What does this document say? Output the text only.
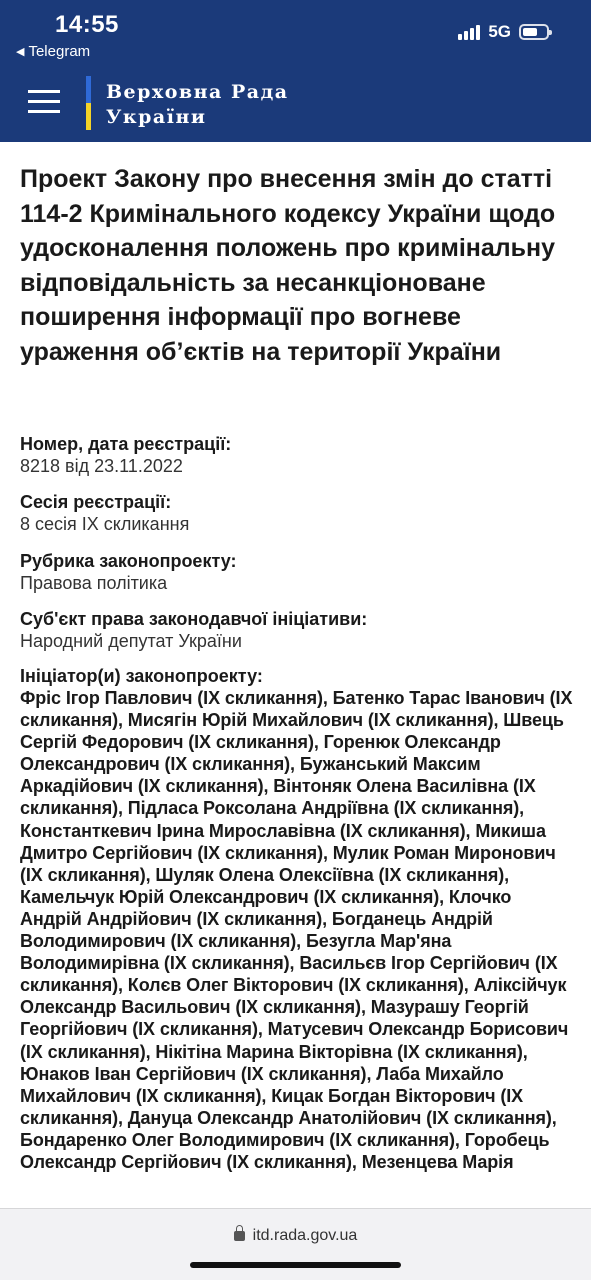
14:55
◀ Telegram
5G
Верховна Рада
України
Проект Закону про внесення змін до статті 114-2 Кримінального кодексу України щодо удосконалення положень про кримінальну відповідальність за несанкціоноване поширення інформації про вогневе ураження об’єктів на території України
Номер, дата реєстрації:
8218 від 23.11.2022
Сесія реєстрації:
8 сесія IX скликання
Рубрика законопроекту:
Правова політика
Суб'єкт права законодавчої ініціативи:
Народний депутат України
Ініціатор(и) законопроекту:
Фріс Ігор Павлович (IX скликання), Батенко Тарас Іванович (IX скликання), Мисягін Юрій Михайлович (IX скликання), Швець Сергій Федорович (IX скликання), Горенюк Олександр Олександрович (IX скликання), Бужанський Максим Аркадійович (IX скликання), Вінтоняк Олена Василівна (IX скликання), Підласа Роксолана Андріївна (IX скликання), Константкевич Ірина Мирославівна (IX скликання), Микиша Дмитро Сергійович (IX скликання), Мулик Роман Миронович (IX скликання), Шуляк Олена Олексіївна (IX скликання), Камельчук Юрій Олександрович (IX скликання), Клочко Андрій Андрійович (IX скликання), Богданець Андрій Володимирович (IX скликання), Безугла Мар'яна Володимирівна (IX скликання), Васильєв Ігор Сергійович (IX скликання), Колєв Олег Вікторович (IX скликання), Аліксійчук Олександр Васильович (IX скликання), Мазурашу Георгій Георгійович (IX скликання), Матусевич Олександр Борисович (IX скликання), Нікітіна Марина Вікторівна (IX скликання), Юнаков Іван Сергійович (IX скликання), Лаба Михайло Михайлович (IX скликання), Кицак Богдан Вікторович (IX скликання), Дануца Олександр Анатолійович (IX скликання), Бондаренко Олег Володимирович (IX скликання), Горобець Олександр Сергійович (IX скликання), Мезенцева Марія
itd.rada.gov.ua
